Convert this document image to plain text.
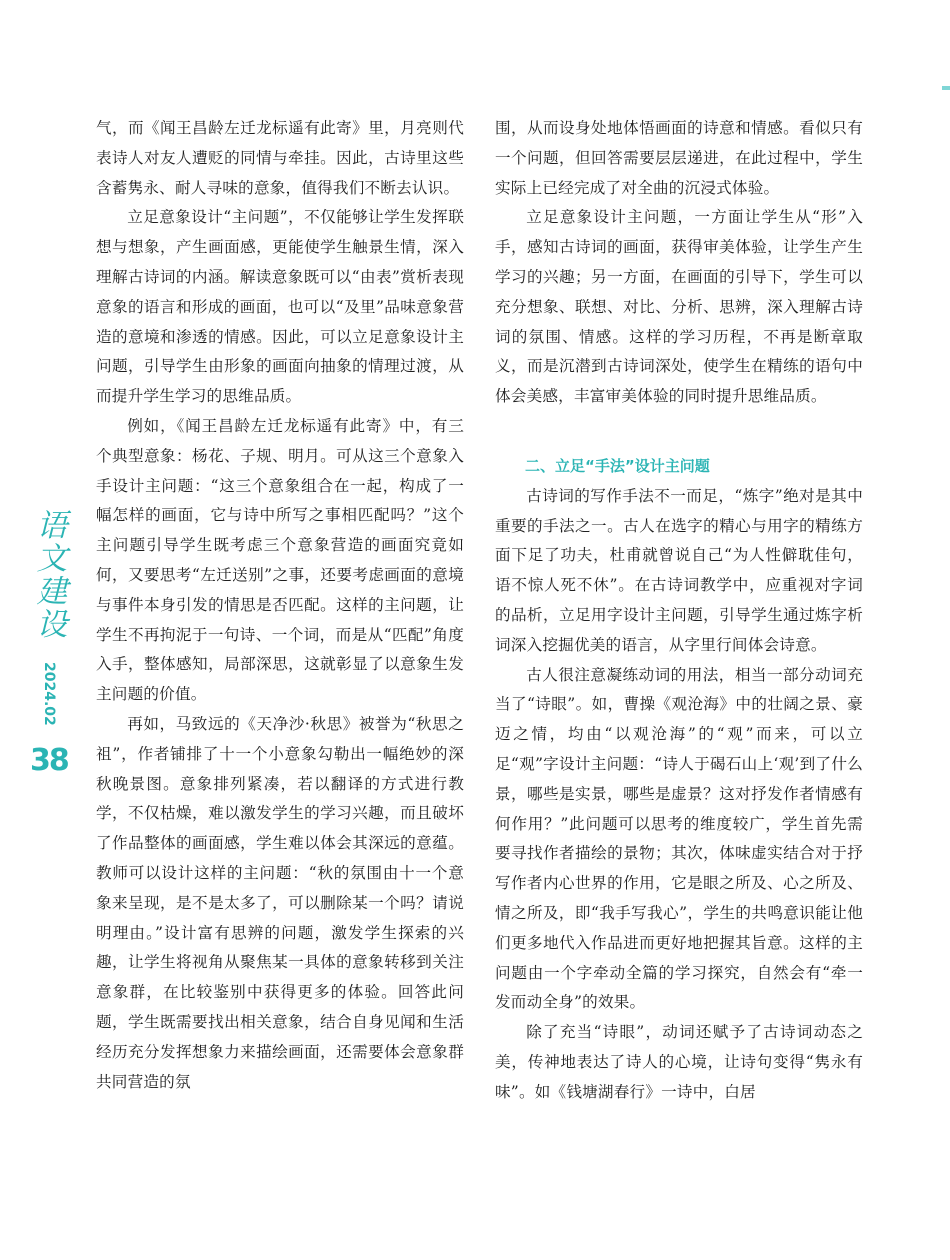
语
文
建
设
2024.02
38

气，而《闻王昌龄左迁龙标遥有此寄》里，月亮则代表诗人对友人遭贬的同情与牵挂。因此，古诗里这些含蓄隽永、耐人寻味的意象，值得我们不断去认识。

立足意象设计“主问题”，不仅能够让学生发挥联想与想象，产生画面感，更能使学生触景生情，深入理解古诗词的内涵。解读意象既可以“由表”赏析表现意象的语言和形成的画面，也可以“及里”品味意象营造的意境和渗透的情感。因此，可以立足意象设计主问题，引导学生由形象的画面向抽象的情理过渡，从而提升学生学习的思维品质。

例如，《闻王昌龄左迁龙标遥有此寄》中，有三个典型意象：杨花、子规、明月。可从这三个意象入手设计主问题：“这三个意象组合在一起，构成了一幅怎样的画面，它与诗中所写之事相匹配吗？”这个主问题引导学生既考虑三个意象营造的画面究竟如何，又要思考“左迁送别”之事，还要考虑画面的意境与事件本身引发的情思是否匹配。这样的主问题，让学生不再拘泥于一句诗、一个词，而是从“匹配”角度入手，整体感知，局部深思，这就彰显了以意象生发主问题的价值。

再如，马致远的《天净沙·秋思》被誉为“秋思之祖”，作者铺排了十一个小意象勾勒出一幅绝妙的深秋晚景图。意象排列紧凑，若以翻译的方式进行教学，不仅枯燥，难以激发学生的学习兴趣，而且破坏了作品整体的画面感，学生难以体会其深远的意蕴。教师可以设计这样的主问题：“秋的氛围由十一个意象来呈现，是不是太多了，可以删除某一个吗？请说明理由。”设计富有思辨的问题，激发学生探索的兴趣，让学生将视角从聚焦某一具体的意象转移到关注意象群，在比较鉴别中获得更多的体验。回答此问题，学生既需要找出相关意象，结合自身见闻和生活经历充分发挥想象力来描绘画面，还需要体会意象群共同营造的氛

围，从而设身处地体悟画面的诗意和情感。看似只有一个问题，但回答需要层层递进，在此过程中，学生实际上已经完成了对全曲的沉浸式体验。

立足意象设计主问题，一方面让学生从“形”入手，感知古诗词的画面，获得审美体验，让学生产生学习的兴趣；另一方面，在画面的引导下，学生可以充分想象、联想、对比、分析、思辨，深入理解古诗词的氛围、情感。这样的学习历程，不再是断章取义，而是沉潜到古诗词深处，使学生在精练的语句中体会美感，丰富审美体验的同时提升思维品质。

二、立足“手法”设计主问题

古诗词的写作手法不一而足，“炼字”绝对是其中重要的手法之一。古人在选字的精心与用字的精练方面下足了功夫，杜甫就曾说自己“为人性僻耽佳句，语不惊人死不休”。在古诗词教学中，应重视对字词的品析，立足用字设计主问题，引导学生通过炼字析词深入挖掘优美的语言，从字里行间体会诗意。

古人很注意凝练动词的用法，相当一部分动词充当了“诗眼”。如，曹操《观沧海》中的壮阔之景、豪迈之情，均由“以观沧海”的“观”而来，可以立足“观”字设计主问题：“诗人于碣石山上‘观’到了什么景，哪些是实景，哪些是虚景？这对抒发作者情感有何作用？”此问题可以思考的维度较广，学生首先需要寻找作者描绘的景物；其次，体味虚实结合对于抒写作者内心世界的作用，它是眼之所及、心之所及、情之所及，即“我手写我心”，学生的共鸣意识能让他们更多地代入作品进而更好地把握其旨意。这样的主问题由一个字牵动全篇的学习探究，自然会有“牵一发而动全身”的效果。

除了充当“诗眼”，动词还赋予了古诗词动态之美，传神地表达了诗人的心境，让诗句变得“隽永有味”。如《钱塘湖春行》一诗中，白居
